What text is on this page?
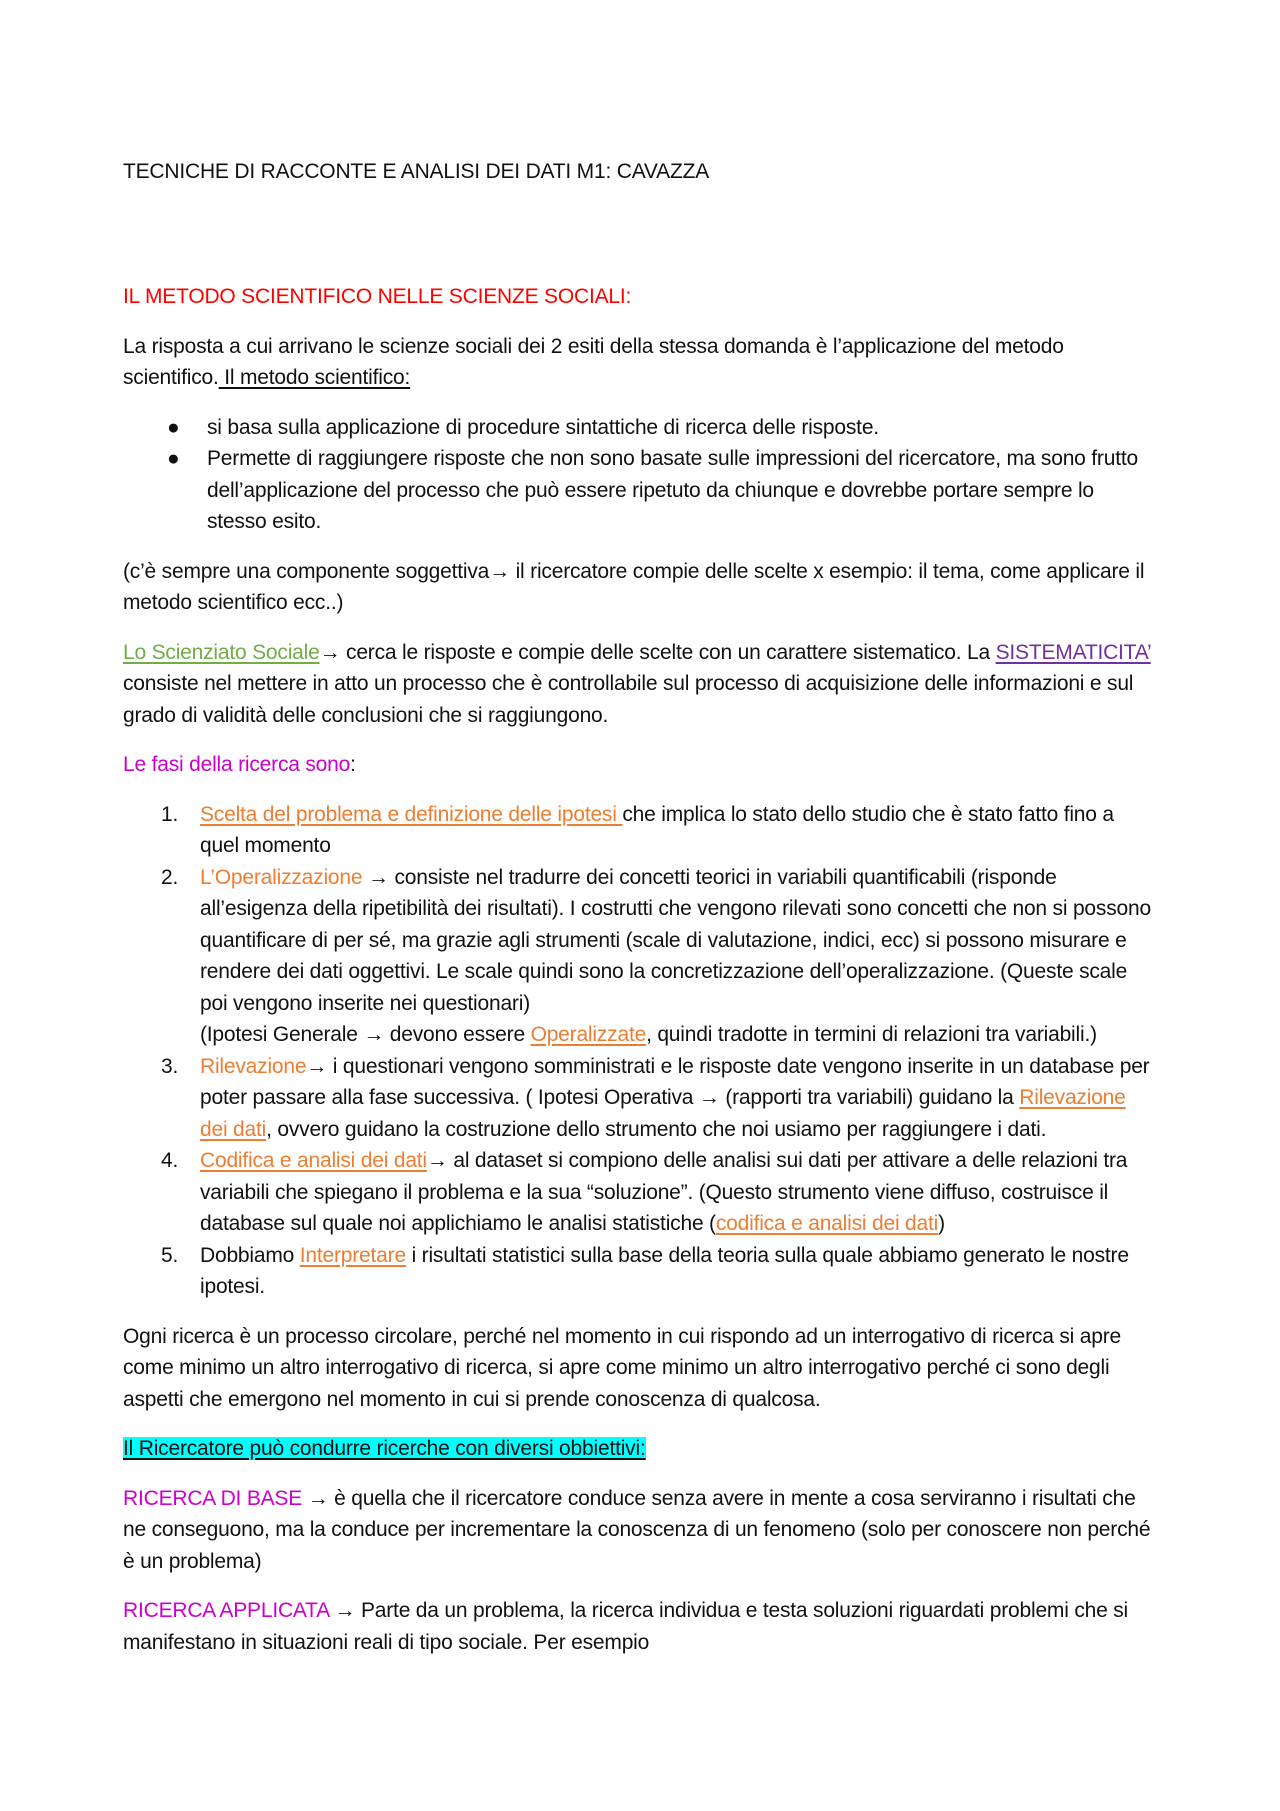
TECNICHE DI RACCONTE E ANALISI DEI DATI M1: CAVAZZA

IL METODO SCIENTIFICO NELLE SCIENZE SOCIALI:

La risposta a cui arrivano le scienze sociali dei 2 esiti della stessa domanda è l’applicazione del metodo scientifico. Il metodo scientifico:

● si basa sulla applicazione di procedure sintattiche di ricerca delle risposte.
● Permette di raggiungere risposte che non sono basate sulle impressioni del ricercatore, ma sono frutto dell’applicazione del processo che può essere ripetuto da chiunque e dovrebbe portare sempre lo stesso esito.

(c’è sempre una componente soggettiva→ il ricercatore compie delle scelte x esempio: il tema, come applicare il metodo scientifico ecc..)

Lo Scienziato Sociale→ cerca le risposte e compie delle scelte con un carattere sistematico. La SISTEMATICITA’ consiste nel mettere in atto un processo che è controllabile sul processo di acquisizione delle informazioni e sul grado di validità delle conclusioni che si raggiungono.

Le fasi della ricerca sono:

1. Scelta del problema e definizione delle ipotesi che implica lo stato dello studio che è stato fatto fino a quel momento
2. L’Operalizzazione → consiste nel tradurre dei concetti teorici in variabili quantificabili (risponde all’esigenza della ripetibilità dei risultati). I costrutti che vengono rilevati sono concetti che non si possono quantificare di per sé, ma grazie agli strumenti (scale di valutazione, indici, ecc) si possono misurare e rendere dei dati oggettivi. Le scale quindi sono la concretizzazione dell’operalizzazione. (Queste scale poi vengono inserite nei questionari)
(Ipotesi Generale → devono essere Operalizzate, quindi tradotte in termini di relazioni tra variabili.)
3. Rilevazione→ i questionari vengono somministrati e le risposte date vengono inserite in un database per poter passare alla fase successiva. ( Ipotesi Operativa → (rapporti tra variabili) guidano la Rilevazione dei dati, ovvero guidano la costruzione dello strumento che noi usiamo per raggiungere i dati.
4. Codifica e analisi dei dati→ al dataset si compiono delle analisi sui dati per attivare a delle relazioni tra variabili che spiegano il problema e la sua “soluzione”. (Questo strumento viene diffuso, costruisce il database sul quale noi applichiamo le analisi statistiche (codifica e analisi dei dati)
5. Dobbiamo Interpretare i risultati statistici sulla base della teoria sulla quale abbiamo generato le nostre ipotesi.

Ogni ricerca è un processo circolare, perché nel momento in cui rispondo ad un interrogativo di ricerca si apre come minimo un altro interrogativo di ricerca, si apre come minimo un altro interrogativo perché ci sono degli aspetti che emergono nel momento in cui si prende conoscenza di qualcosa.

Il Ricercatore può condurre ricerche con diversi obbiettivi:

RICERCA DI BASE → è quella che il ricercatore conduce senza avere in mente a cosa serviranno i risultati che ne conseguono, ma la conduce per incrementare la conoscenza di un fenomeno (solo per conoscere non perché è un problema)

RICERCA APPLICATA → Parte da un problema, la ricerca individua e testa soluzioni riguardati problemi che si manifestano in situazioni reali di tipo sociale. Per esempio
